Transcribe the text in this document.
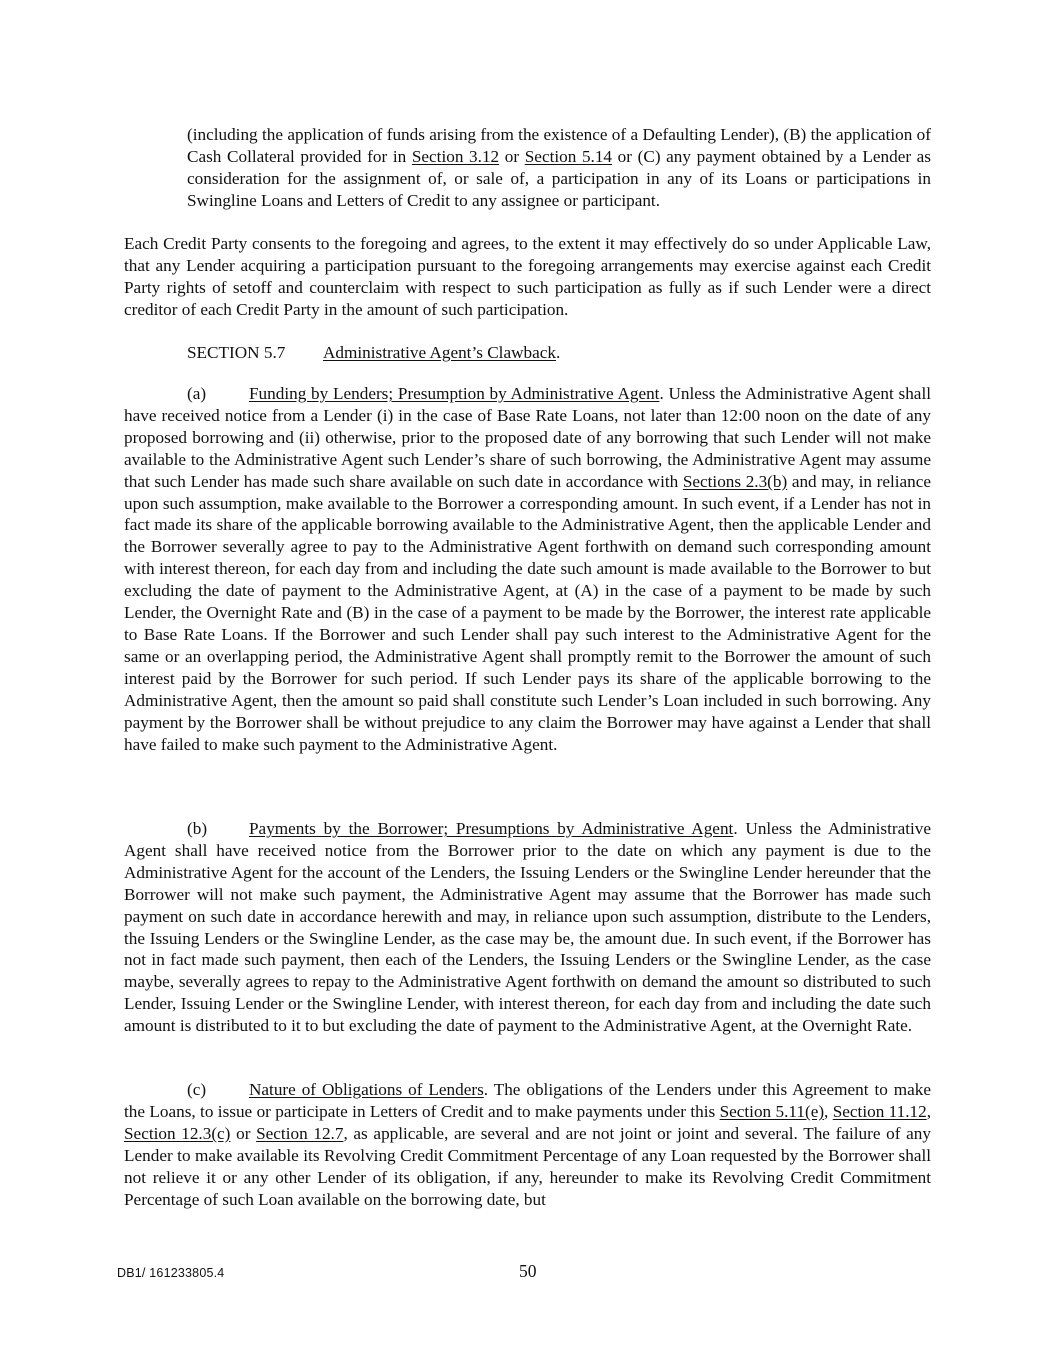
(including the application of funds arising from the existence of a Defaulting Lender), (B) the application of Cash Collateral provided for in Section 3.12 or Section 5.14 or (C) any payment obtained by a Lender as consideration for the assignment of, or sale of, a participation in any of its Loans or participations in Swingline Loans and Letters of Credit to any assignee or participant.

Each Credit Party consents to the foregoing and agrees, to the extent it may effectively do so under Applicable Law, that any Lender acquiring a participation pursuant to the foregoing arrangements may exercise against each Credit Party rights of setoff and counterclaim with respect to such participation as fully as if such Lender were a direct creditor of each Credit Party in the amount of such participation.

SECTION 5.7 Administrative Agent’s Clawback.

(a) Funding by Lenders; Presumption by Administrative Agent. Unless the Administrative Agent shall have received notice from a Lender (i) in the case of Base Rate Loans, not later than 12:00 noon on the date of any proposed borrowing and (ii) otherwise, prior to the proposed date of any borrowing that such Lender will not make available to the Administrative Agent such Lender’s share of such borrowing, the Administrative Agent may assume that such Lender has made such share available on such date in accordance with Sections 2.3(b) and may, in reliance upon such assumption, make available to the Borrower a corresponding amount. In such event, if a Lender has not in fact made its share of the applicable borrowing available to the Administrative Agent, then the applicable Lender and the Borrower severally agree to pay to the Administrative Agent forthwith on demand such corresponding amount with interest thereon, for each day from and including the date such amount is made available to the Borrower to but excluding the date of payment to the Administrative Agent, at (A) in the case of a payment to be made by such Lender, the Overnight Rate and (B) in the case of a payment to be made by the Borrower, the interest rate applicable to Base Rate Loans. If the Borrower and such Lender shall pay such interest to the Administrative Agent for the same or an overlapping period, the Administrative Agent shall promptly remit to the Borrower the amount of such interest paid by the Borrower for such period. If such Lender pays its share of the applicable borrowing to the Administrative Agent, then the amount so paid shall constitute such Lender’s Loan included in such borrowing. Any payment by the Borrower shall be without prejudice to any claim the Borrower may have against a Lender that shall have failed to make such payment to the Administrative Agent.

(b) Payments by the Borrower; Presumptions by Administrative Agent. Unless the Administrative Agent shall have received notice from the Borrower prior to the date on which any payment is due to the Administrative Agent for the account of the Lenders, the Issuing Lenders or the Swingline Lender hereunder that the Borrower will not make such payment, the Administrative Agent may assume that the Borrower has made such payment on such date in accordance herewith and may, in reliance upon such assumption, distribute to the Lenders, the Issuing Lenders or the Swingline Lender, as the case may be, the amount due. In such event, if the Borrower has not in fact made such payment, then each of the Lenders, the Issuing Lenders or the Swingline Lender, as the case maybe, severally agrees to repay to the Administrative Agent forthwith on demand the amount so distributed to such Lender, Issuing Lender or the Swingline Lender, with interest thereon, for each day from and including the date such amount is distributed to it to but excluding the date of payment to the Administrative Agent, at the Overnight Rate.

(c) Nature of Obligations of Lenders. The obligations of the Lenders under this Agreement to make the Loans, to issue or participate in Letters of Credit and to make payments under this Section 5.11(e), Section 11.12, Section 12.3(c) or Section 12.7, as applicable, are several and are not joint or joint and several. The failure of any Lender to make available its Revolving Credit Commitment Percentage of any Loan requested by the Borrower shall not relieve it or any other Lender of its obligation, if any, hereunder to make its Revolving Credit Commitment Percentage of such Loan available on the borrowing date, but

DB1/ 161233805.4	50
